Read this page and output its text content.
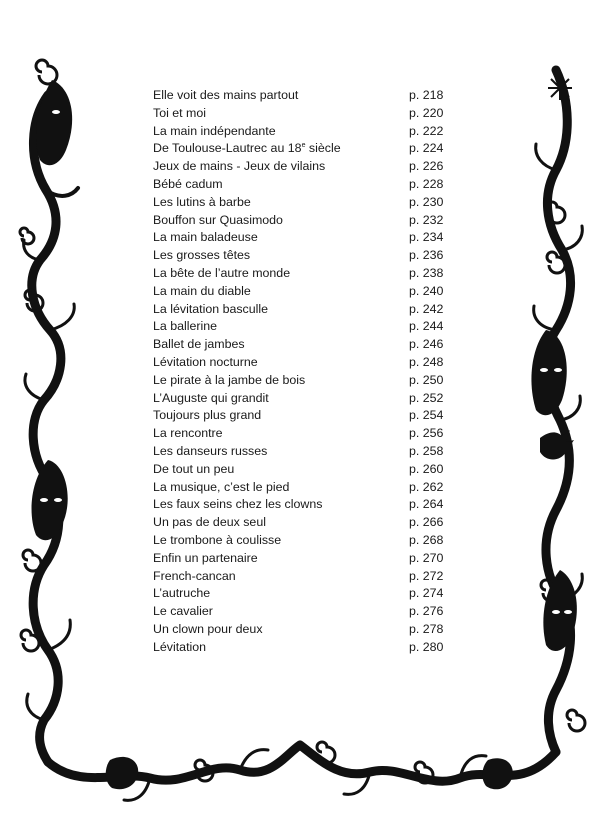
Elle voit des mains partout	p. 218
Toi et moi	p. 220
La main indépendante	p. 222
De Toulouse-Lautrec au 18e siècle	p. 224
Jeux de mains - Jeux de vilains	p. 226
Bébé cadum	p. 228
Les lutins à barbe	p. 230
Bouffon sur Quasimodo	p. 232
La main baladeuse	p. 234
Les grosses têtes	p. 236
La bête de l’autre monde	p. 238
La main du diable	p. 240
La lévitation basculle	p. 242
La ballerine	p. 244
Ballet de jambes	p. 246
Lévitation nocturne	p. 248
Le pirate à la jambe de bois	p. 250
L’Auguste qui grandit	p. 252
Toujours plus grand	p. 254
La rencontre	p. 256
Les danseurs russes	p. 258
De tout un peu	p. 260
La musique, c’est le pied	p. 262
Les faux seins chez les clowns	p. 264
Un pas de deux seul	p. 266
Le trombone à coulisse	p. 268
Enfin un partenaire	p. 270
French-cancan	p. 272
L’autruche	p. 274
Le cavalier	p. 276
Un clown pour deux	p. 278
Lévitation	p. 280
